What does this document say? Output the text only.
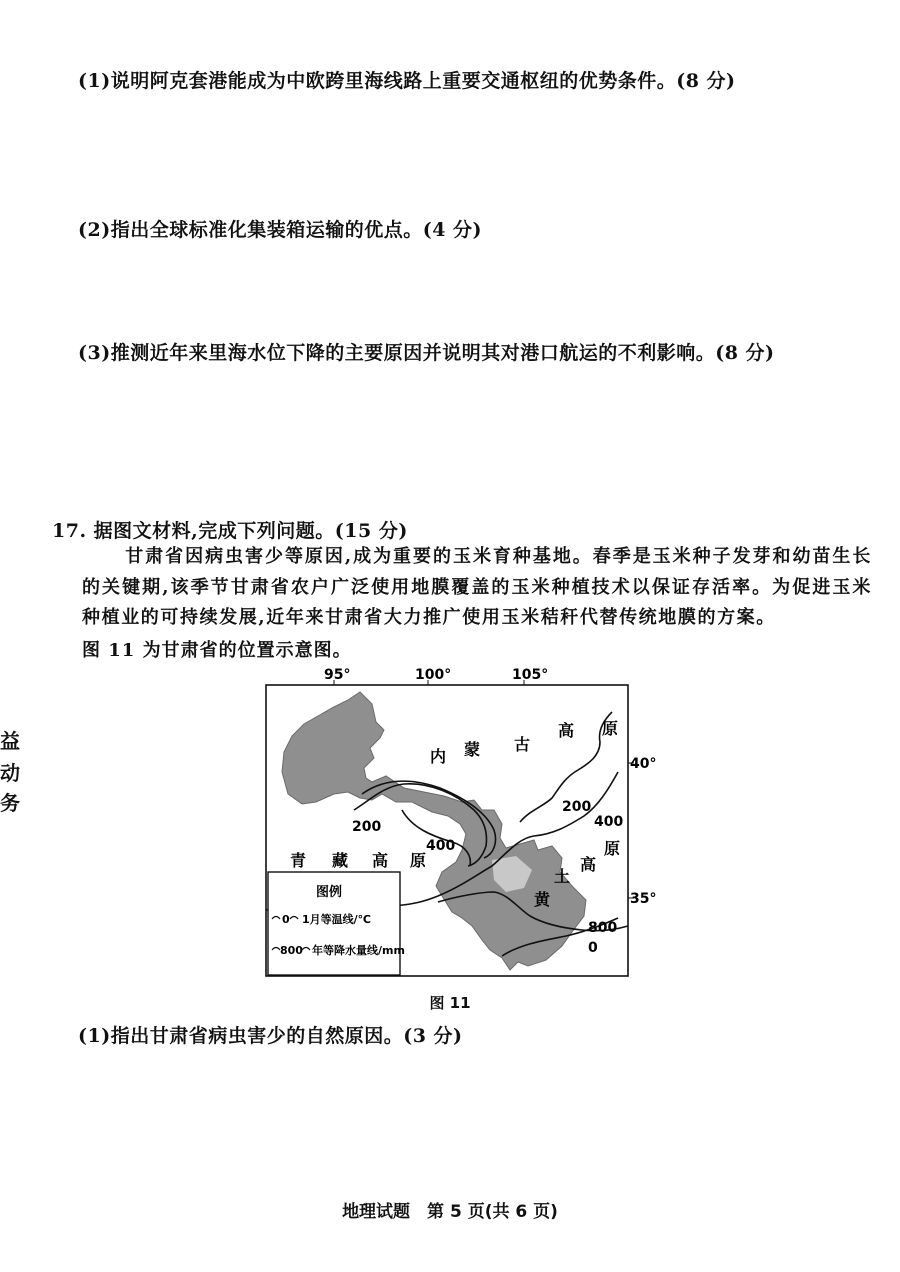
(1)说明阿克套港能成为中欧跨里海线路上重要交通枢纽的优势条件。(8 分)
(2)指出全球标准化集装箱运输的优点。(4 分)
(3)推测近年来里海水位下降的主要原因并说明其对港口航运的不利影响。(8 分)
17. 据图文材料,完成下列问题。(15 分)
甘肃省因病虫害少等原因,成为重要的玉米育种基地。春季是玉米种子发芽和幼苗生长的关键期,该季节甘肃省农户广泛使用地膜覆盖的玉米种植技术以保证存活率。为促进玉米种植业的可持续发展,近年来甘肃省大力推广使用玉米秸秆代替传统地膜的方案。
图 11 为甘肃省的位置示意图。
益
动
务
95°	100°	105°
40°
35°
内 蒙 古
高 原
青 藏 高 原
黄
土
高
原
200
200	400
400
800
0
图例
0 1月等温线/℃
800 年等降水量线/mm
图 11
(1)指出甘肃省病虫害少的自然原因。(3 分)
地理试题　第 5 页(共 6 页)
